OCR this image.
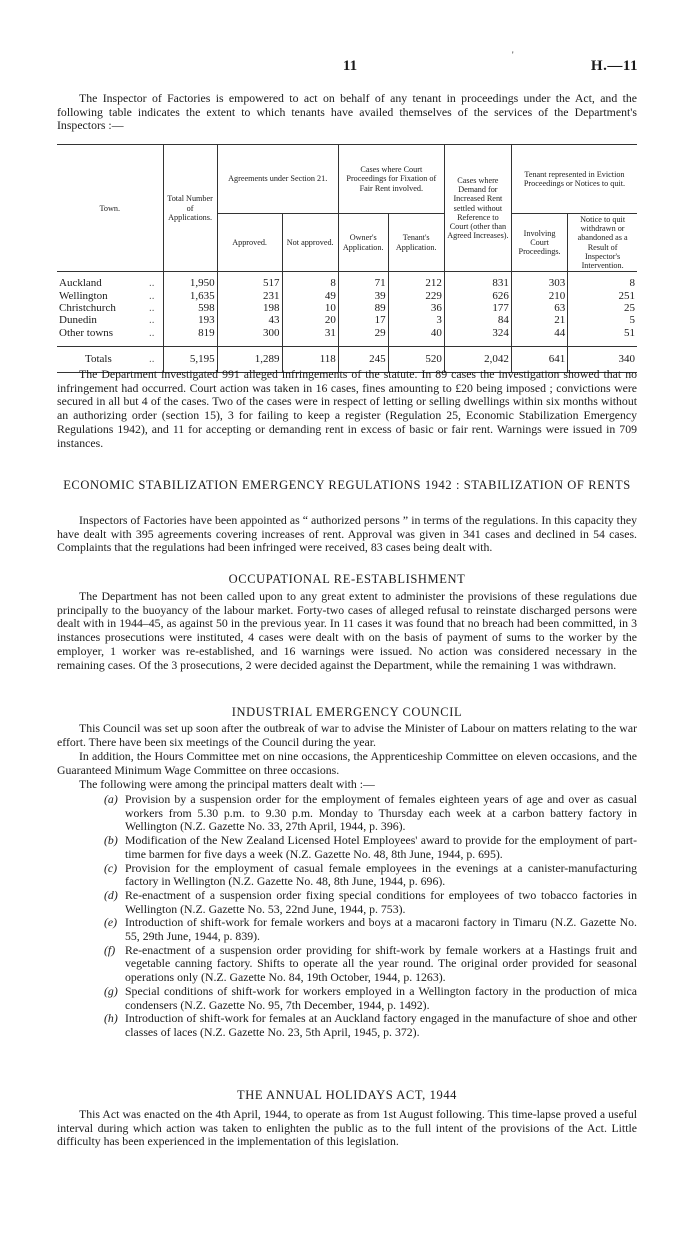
'
11	H.—11
The Inspector of Factories is empowered to act on behalf of any tenant in proceedings under the Act, and the following table indicates the extent to which tenants have availed themselves of the services of the Department's Inspectors :—
Town.	Total Number of Applications.	Agreements under Section 21.		Cases where Court Proceedings for Fixation of Fair Rent involved.		Cases where Demand for Increased Rent settled without Reference to Court (other than Agreed Increases).	Tenant represented in Eviction Proceedings or Notices to quit.	
		Approved.	Not approved.	Owner's Application.	Tenant's Application.		Involving Court Proceedings.	Notice to quit withdrawn or abandoned as a Result of Inspector's Intervention.
Auckland ..	1,950	517	8	71	212	831	303	8
Wellington ..	1,635	231	49	39	229	626	210	251
Christchurch ..	598	198	10	89	36	177	63	25
Dunedin ..	193	43	20	17	3	84	21	5
Other towns ..	819	300	31	29	40	324	44	51
Totals ..	5,195	1,289	118	245	520	2,042	641	340
The Department investigated 991 alleged infringements of the statute. In 89 cases the investigation showed that no infringement had occurred. Court action was taken in 16 cases, fines amounting to £20 being imposed ; convictions were secured in all but 4 of the cases. Two of the cases were in respect of letting or selling dwellings within six months without an authorizing order (section 15), 3 for failing to keep a register (Regulation 25, Economic Stabilization Emergency Regulations 1942), and 11 for accepting or demanding rent in excess of basic or fair rent. Warnings were issued in 709 instances.
ECONOMIC STABILIZATION EMERGENCY REGULATIONS 1942 : STABILIZATION OF RENTS
Inspectors of Factories have been appointed as “ authorized persons ” in terms of the regulations. In this capacity they have dealt with 395 agreements covering increases of rent. Approval was given in 341 cases and declined in 54 cases. Complaints that the regulations had been infringed were received, 83 cases being dealt with.
OCCUPATIONAL RE-ESTABLISHMENT
The Department has not been called upon to any great extent to administer the provisions of these regulations due principally to the buoyancy of the labour market. Forty-two cases of alleged refusal to reinstate discharged persons were dealt with in 1944–45, as against 50 in the previous year. In 11 cases it was found that no breach had been committed, in 3 instances prosecutions were instituted, 4 cases were dealt with on the basis of payment of sums to the worker by the employer, 1 worker was re-established, and 16 warnings were issued. No action was considered necessary in the remaining cases. Of the 3 prosecutions, 2 were decided against the Department, while the remaining 1 was withdrawn.
INDUSTRIAL EMERGENCY COUNCIL
This Council was set up soon after the outbreak of war to advise the Minister of Labour on matters relating to the war effort. There have been six meetings of the Council during the year.
In addition, the Hours Committee met on nine occasions, the Apprenticeship Committee on eleven occasions, and the Guaranteed Minimum Wage Committee on three occasions.
The following were among the principal matters dealt with :—
(a) Provision by a suspension order for the employment of females eighteen years of age and over as casual workers from 5.30 p.m. to 9.30 p.m. Monday to Thursday each week at a carbon battery factory in Wellington (N.Z. Gazette No. 33, 27th April, 1944, p. 396).
(b) Modification of the New Zealand Licensed Hotel Employees' award to provide for the employment of part-time barmen for five days a week (N.Z. Gazette No. 48, 8th June, 1944, p. 695).
(c) Provision for the employment of casual female employees in the evenings at a canister-manufacturing factory in Wellington (N.Z. Gazette No. 48, 8th June, 1944, p. 696).
(d) Re-enactment of a suspension order fixing special conditions for employees of two tobacco factories in Wellington (N.Z. Gazette No. 53, 22nd June, 1944, p. 753).
(e) Introduction of shift-work for female workers and boys at a macaroni factory in Timaru (N.Z. Gazette No. 55, 29th June, 1944, p. 839).
(f) Re-enactment of a suspension order providing for shift-work by female workers at a Hastings fruit and vegetable canning factory. Shifts to operate all the year round. The original order provided for seasonal operations only (N.Z. Gazette No. 84, 19th October, 1944, p. 1263).
(g) Special conditions of shift-work for workers employed in a Wellington factory in the production of mica condensers (N.Z. Gazette No. 95, 7th December, 1944, p. 1492).
(h) Introduction of shift-work for females at an Auckland factory engaged in the manufacture of shoe and other classes of laces (N.Z. Gazette No. 23, 5th April, 1945, p. 372).
THE ANNUAL HOLIDAYS ACT, 1944
This Act was enacted on the 4th April, 1944, to operate as from 1st August following. This time-lapse proved a useful interval during which action was taken to enlighten the public as to the full intent of the provisions of the Act. Little difficulty has been experienced in the implementation of this legislation.
